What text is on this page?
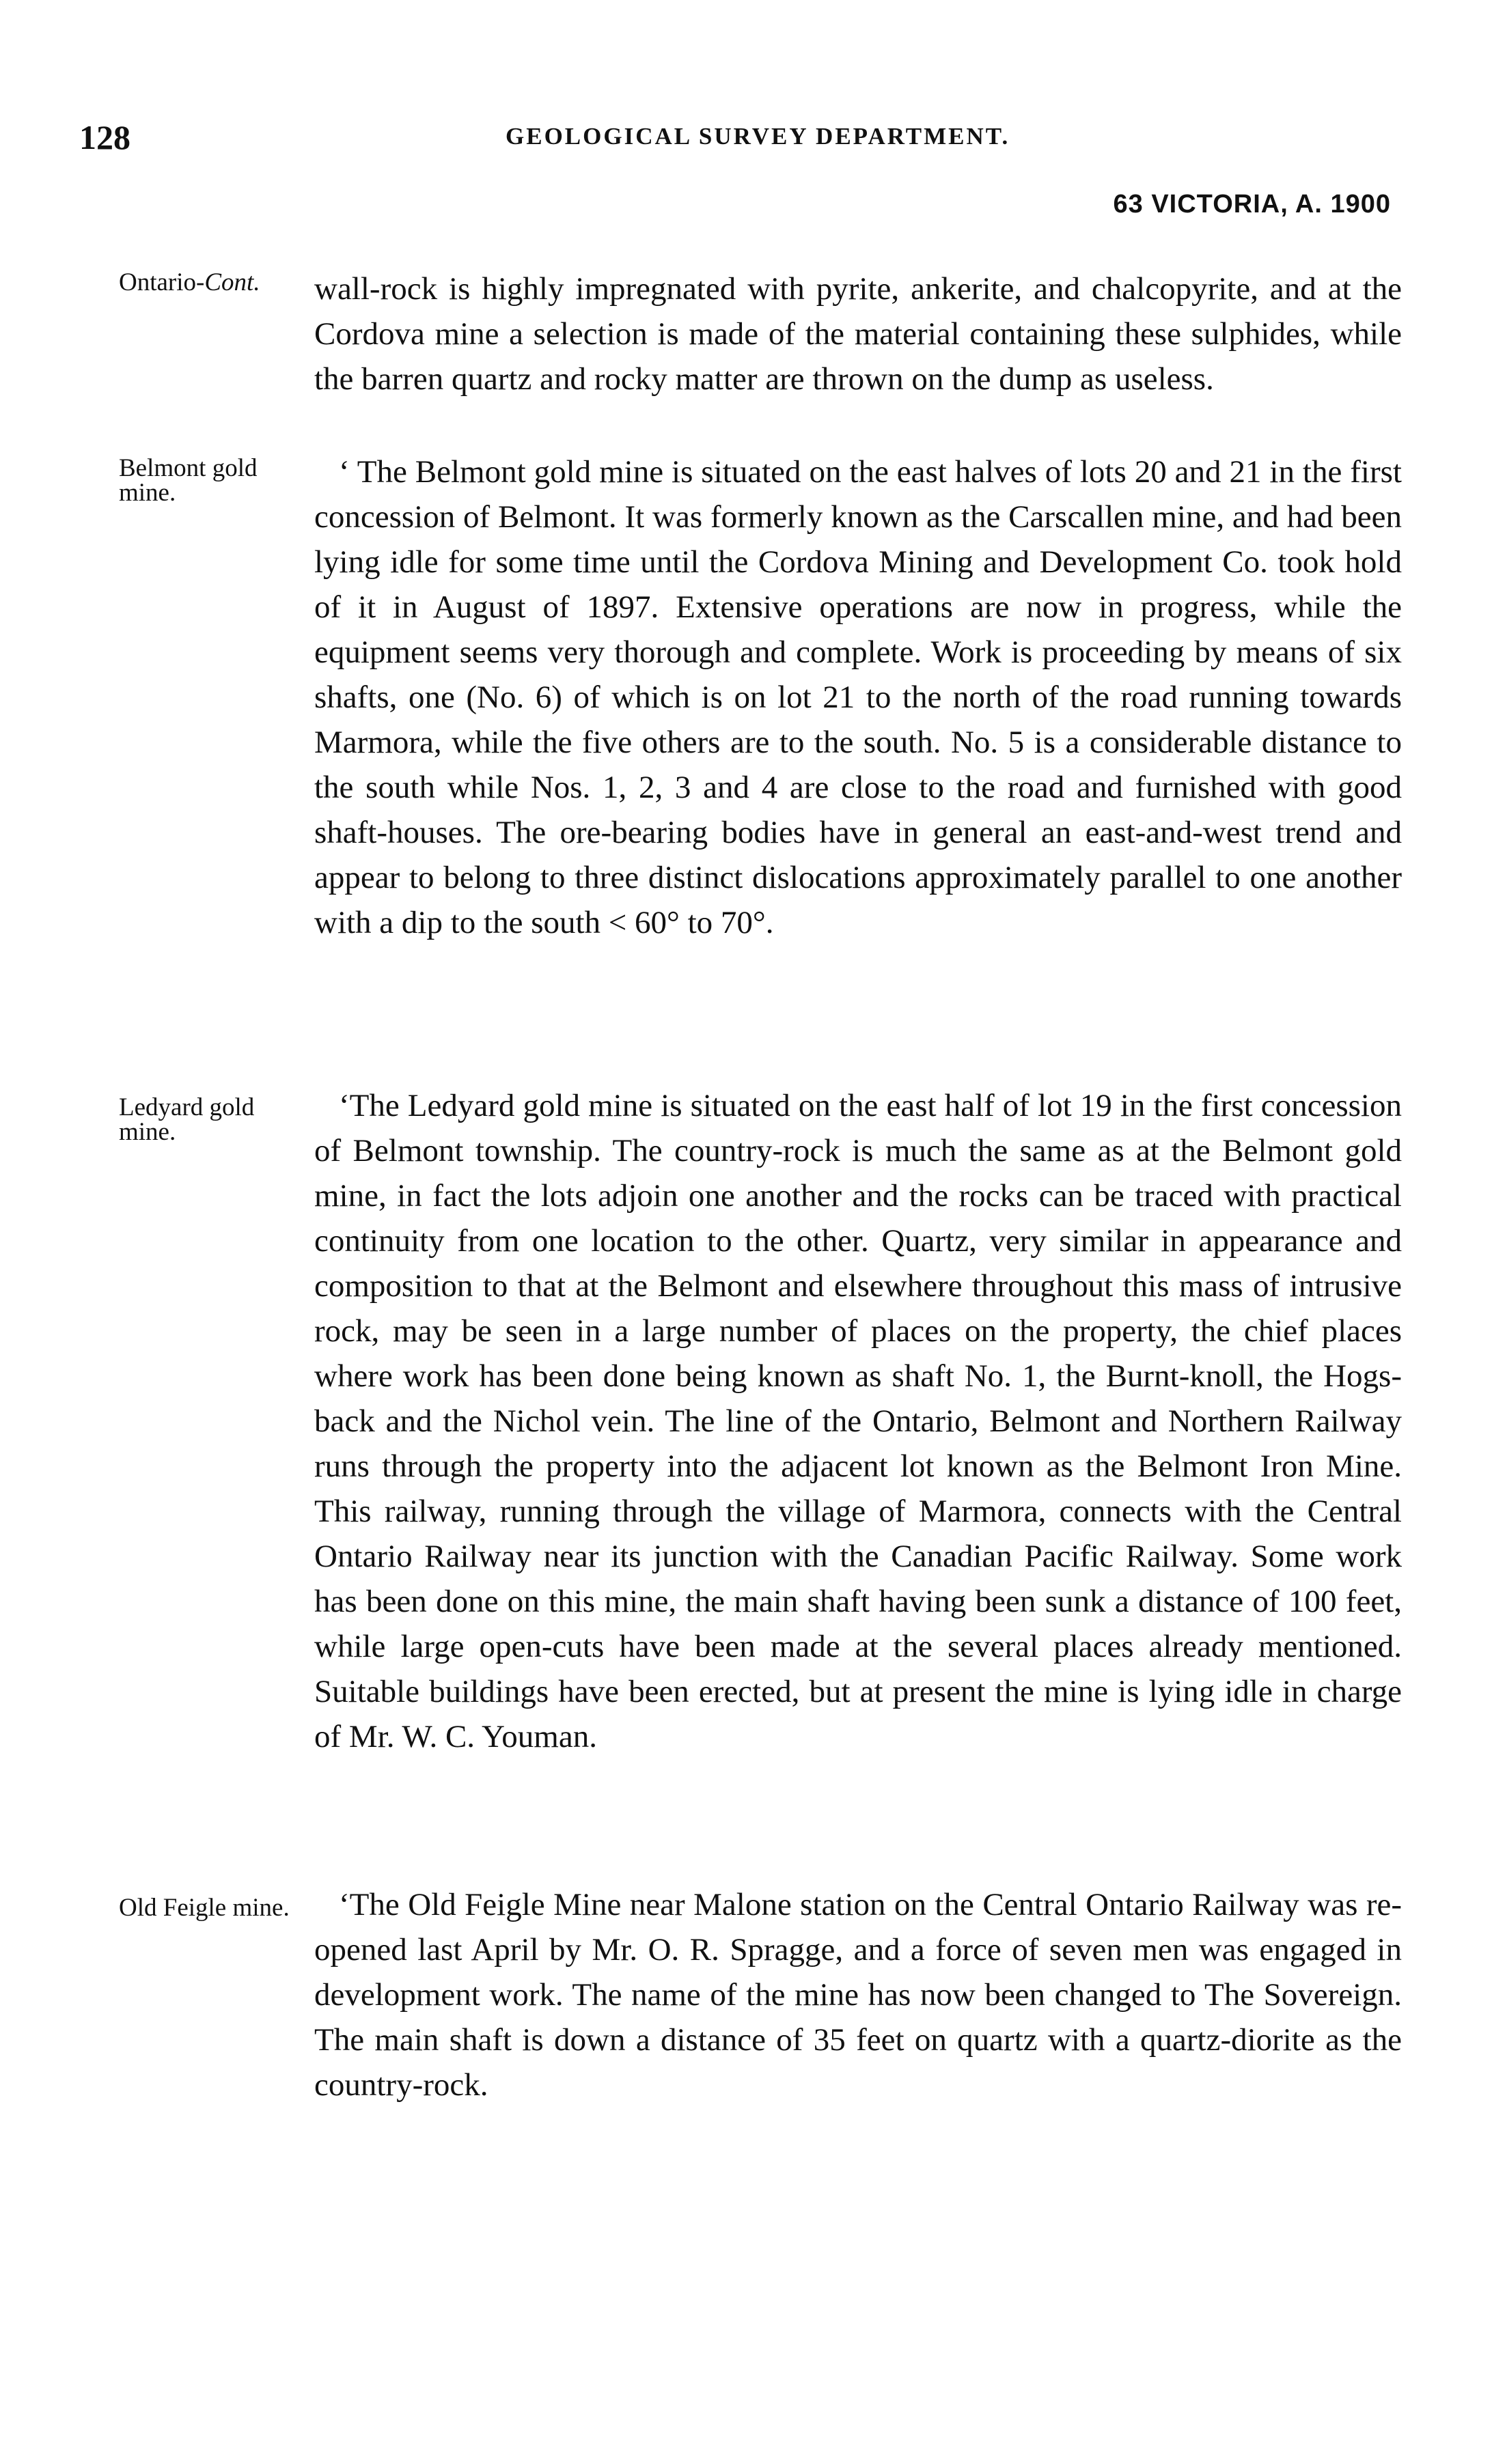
128	GEOLOGICAL SURVEY DEPARTMENT.
63 VICTORIA, A. 1900
Ontario-Cont.	wall-rock is highly impregnated with pyrite, ankerite, and chalcopyrite, and at the Cordova mine a selection is made of the material containing these sulphides, while the barren quartz and rocky matter are thrown on the dump as useless.
Belmont gold mine.
‘ The Belmont gold mine is situated on the east halves of lots 20 and 21 in the first concession of Belmont. It was formerly known as the Carscallen mine, and had been lying idle for some time until the Cordova Mining and Development Co. took hold of it in August of 1897. Extensive operations are now in progress, while the equipment seems very thorough and complete. Work is proceeding by means of six shafts, one (No. 6) of which is on lot 21 to the north of the road running towards Marmora, while the five others are to the south. No. 5 is a considerable distance to the south while Nos. 1, 2, 3 and 4 are close to the road and furnished with good shaft-houses. The ore-bearing bodies have in general an east-and-west trend and appear to belong to three distinct dislocations approximately parallel to one another with a dip to the south < 60° to 70°.
Ledyard gold mine.
‘The Ledyard gold mine is situated on the east half of lot 19 in the first concession of Belmont township. The country-rock is much the same as at the Belmont gold mine, in fact the lots adjoin one another and the rocks can be traced with practical continuity from one location to the other. Quartz, very similar in appearance and composition to that at the Belmont and elsewhere throughout this mass of intrusive rock, may be seen in a large number of places on the property, the chief places where work has been done being known as shaft No. 1, the Burnt-knoll, the Hogs-back and the Nichol vein. The line of the Ontario, Belmont and Northern Railway runs through the property into the adjacent lot known as the Belmont Iron Mine. This railway, running through the village of Marmora, connects with the Central Ontario Railway near its junction with the Canadian Pacific Railway. Some work has been done on this mine, the main shaft having been sunk a distance of 100 feet, while large open-cuts have been made at the several places already mentioned. Suitable buildings have been erected, but at present the mine is lying idle in charge of Mr. W. C. Youman.
Old Feigle mine.	‘The Old Feigle Mine near Malone station on the Central Ontario Railway was re-opened last April by Mr. O. R. Spragge, and a force of seven men was engaged in development work. The name of the mine has now been changed to The Sovereign. The main shaft is down a distance of 35 feet on quartz with a quartz-diorite as the country-rock.
